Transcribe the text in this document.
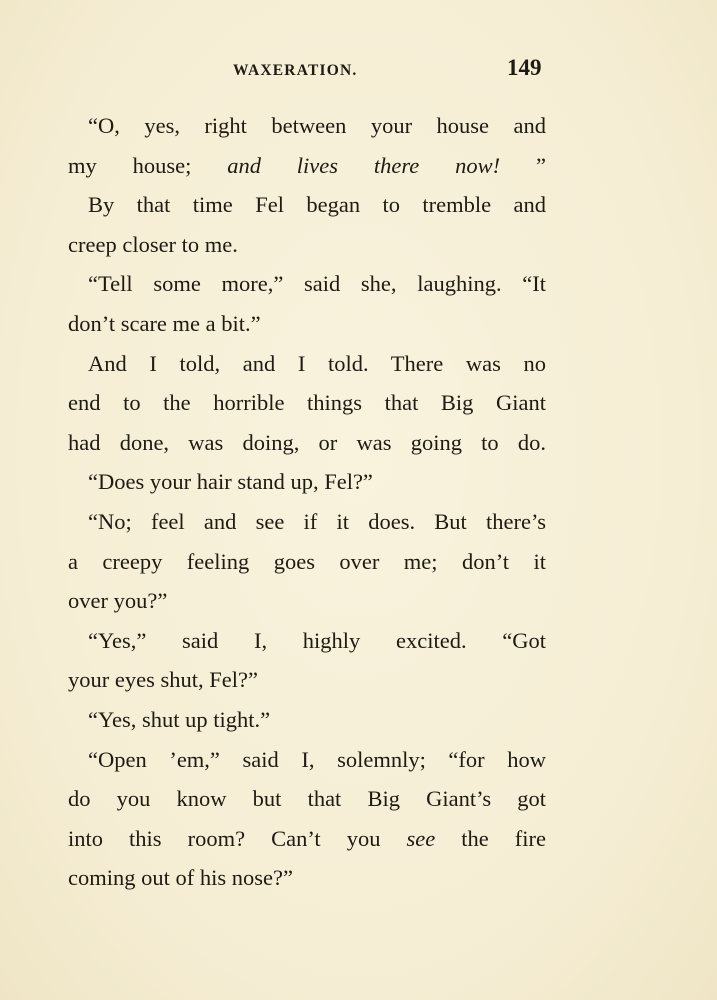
WAXERATION.	149
“O, yes, right between your house and
my house; and lives there now! ”
By that time Fel began to tremble and
creep closer to me.
“Tell some more,” said she, laughing. “It
don’t scare me a bit.”
And I told, and I told. There was no
end to the horrible things that Big Giant
had done, was doing, or was going to do.
“Does your hair stand up, Fel?”
“No; feel and see if it does. But there’s
a creepy feeling goes over me; don’t it
over you?”
“Yes,” said I, highly excited. “Got
your eyes shut, Fel?”
“Yes, shut up tight.”
“Open ’em,” said I, solemnly; “for how
do you know but that Big Giant’s got
into this room? Can’t you see the fire
coming out of his nose?”
